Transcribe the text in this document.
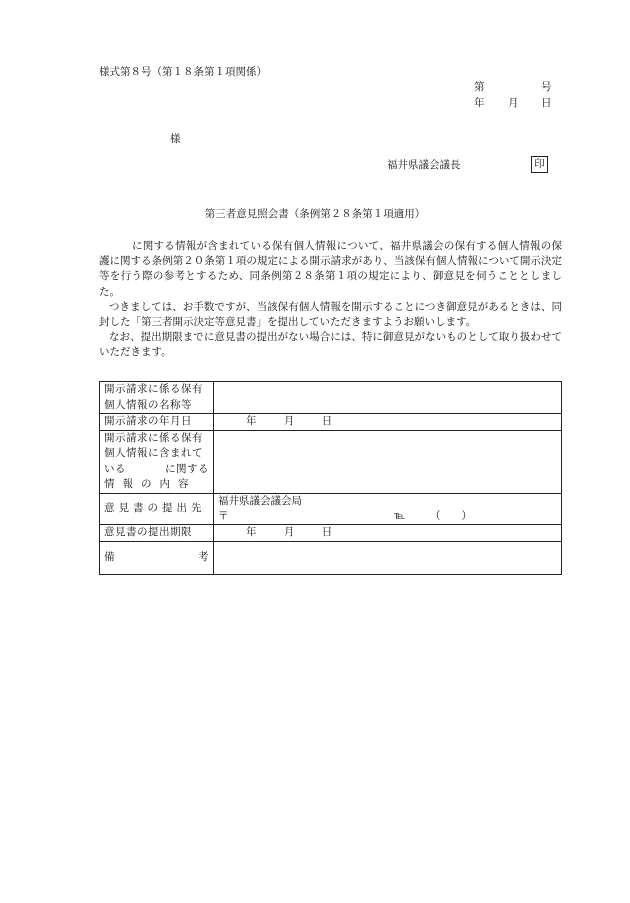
様式第８号（第１８条第１項関係）
第	号
年 月 日
様
福井県議会議長	印
第三者意見照会書（条例第２８条第１項適用）

に関する情報が含まれている保有個人情報について、福井県議会の保有する個人情報の保護に関する条例第２０条第１項の規定による開示請求があり、当該保有個人情報について開示決定等を行う際の参考とするため、同条例第２８条第１項の規定により、御意見を伺うこととしました。

つきましては、お手数ですが、当該保有個人情報を開示することにつき御意見があるときは、同封した「第三者開示決定等意見書」を提出していただきますようお願いします。

なお、提出期限までに意見書の提出がない場合には、特に御意見がないものとして取り扱わせていただきます。

開示請求に係る保有
個人情報の名称等	

開示請求の年月日	年 月 日

開示請求に係る保有
個人情報に含まれて
いる に関する
情報の内容	

意見書の提出先	福井県議会議会局
〒 ℡ （　　）

意見書の提出期限	年 月 日

備 考	
